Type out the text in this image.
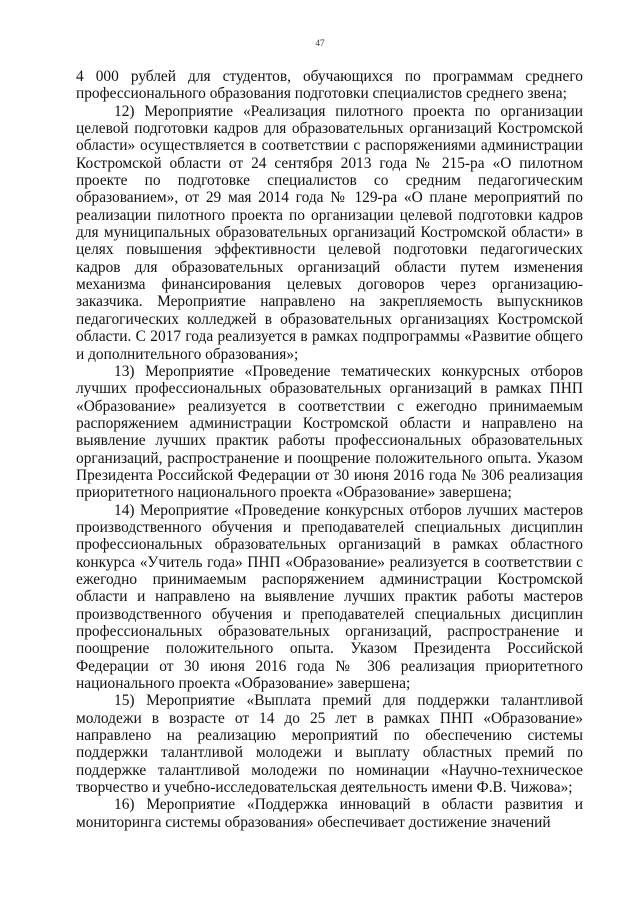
47

4 000 рублей для студентов, обучающихся по программам среднего профессионального образования подготовки специалистов среднего звена;

12) Мероприятие «Реализация пилотного проекта по организации целевой подготовки кадров для образовательных организаций Костромской области» осуществляется в соответствии с распоряжениями администрации Костромской области от 24 сентября 2013 года № 215-ра «О пилотном проекте по подготовке специалистов со средним педагогическим образованием», от 29 мая 2014 года № 129-ра «О плане мероприятий по реализации пилотного проекта по организации целевой подготовки кадров для муниципальных образовательных организаций Костромской области» в целях повышения эффективности целевой подготовки педагогических кадров для образовательных организаций области путем изменения механизма финансирования целевых договоров через организацию-заказчика. Мероприятие направлено на закрепляемость выпускников педагогических колледжей в образовательных организациях Костромской области. С 2017 года реализуется в рамках подпрограммы «Развитие общего и дополнительного образования»;

13) Мероприятие «Проведение тематических конкурсных отборов лучших профессиональных образовательных организаций в рамках ПНП «Образование» реализуется в соответствии с ежегодно принимаемым распоряжением администрации Костромской области и направлено на выявление лучших практик работы профессиональных образовательных организаций, распространение и поощрение положительного опыта. Указом Президента Российской Федерации от 30 июня 2016 года № 306 реализация приоритетного национального проекта «Образование» завершена;

14) Мероприятие «Проведение конкурсных отборов лучших мастеров производственного обучения и преподавателей специальных дисциплин профессиональных образовательных организаций в рамках областного конкурса «Учитель года» ПНП «Образование» реализуется в соответствии с ежегодно принимаемым распоряжением администрации Костромской области и направлено на выявление лучших практик работы мастеров производственного обучения и преподавателей специальных дисциплин профессиональных образовательных организаций, распространение и поощрение положительного опыта. Указом Президента Российской Федерации от 30 июня 2016 года № 306 реализация приоритетного национального проекта «Образование» завершена;

15) Мероприятие «Выплата премий для поддержки талантливой молодежи в возрасте от 14 до 25 лет в рамках ПНП «Образование» направлено на реализацию мероприятий по обеспечению системы поддержки талантливой молодежи и выплату областных премий по поддержке талантливой молодежи по номинации «Научно-техническое творчество и учебно-исследовательская деятельность имени Ф.В. Чижова»;

16) Мероприятие «Поддержка инноваций в области развития и мониторинга системы образования» обеспечивает достижение значений
